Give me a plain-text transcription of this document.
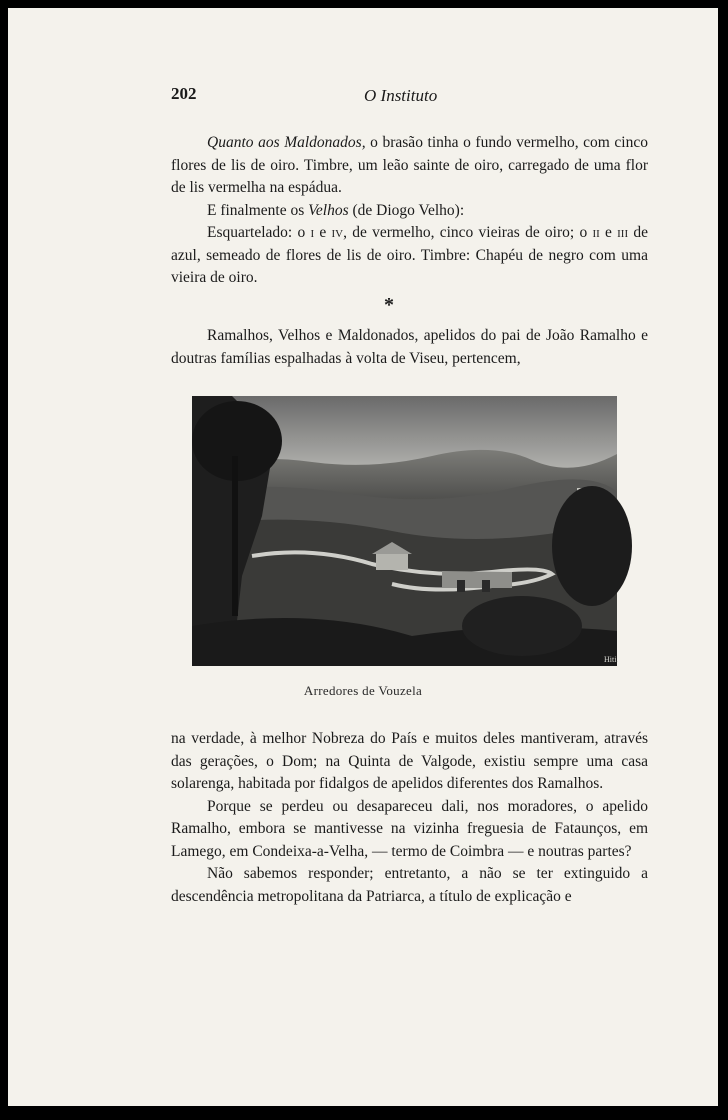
202	O Instituto

Quanto aos Maldonados, o brasão tinha o fundo vermelho, com cinco flores de lis de oiro. Timbre, um leão sainte de oiro, carregado de uma flor de lis vermelha na espádua.

E finalmente os Velhos (de Diogo Velho):

Esquartelado: o i e iv, de vermelho, cinco vieiras de oiro; o ii e iii de azul, semeado de flores de lis de oiro. Timbre: Chapéu de negro com uma vieira de oiro.

*

Ramalhos, Velhos e Maldonados, apelidos do pai de João Ramalho e doutras famílias espalhadas à volta de Viseu, pertencem,

Hiti.
Arredores de Vouzela

na verdade, à melhor Nobreza do País e muitos deles mantiveram, através das gerações, o Dom; na Quinta de Valgode, existiu sempre uma casa solarenga, habitada por fidalgos de apelidos diferentes dos Ramalhos.

Porque se perdeu ou desapareceu dali, nos moradores, o apelido Ramalho, embora se mantivesse na vizinha freguesia de Fataunços, em Lamego, em Condeixa-a-Velha, — termo de Coimbra — e noutras partes?

Não sabemos responder; entretanto, a não se ter extinguido a descendência metropolitana da Patriarca, a título de explicação e
